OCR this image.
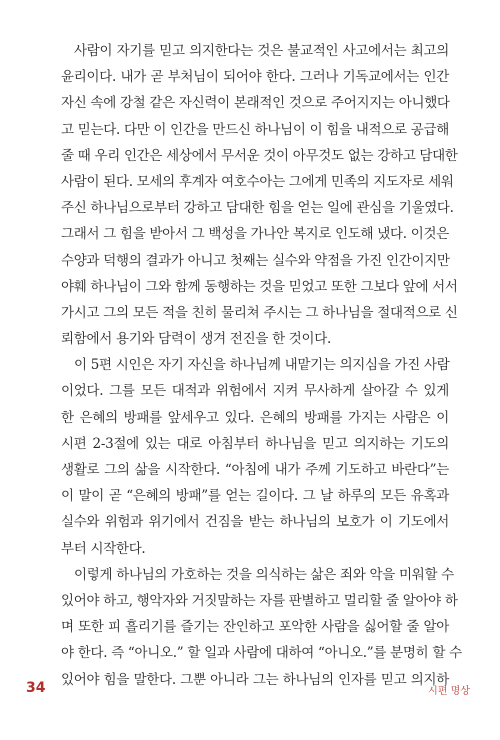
사람이 자기를 믿고 의지한다는 것은 불교적인 사고에서는 최고의
윤리이다. 내가 곧 부처님이 되어야 한다. 그러나 기독교에서는 인간
자신 속에 강철 같은 자신력이 본래적인 것으로 주어지지는 아니했다
고 믿는다. 다만 이 인간을 만드신 하나님이 이 힘을 내적으로 공급해
줄 때 우리 인간은 세상에서 무서운 것이 아무것도 없는 강하고 담대한
사람이 된다. 모세의 후계자 여호수아는 그에게 민족의 지도자로 세워
주신 하나님으로부터 강하고 담대한 힘을 얻는 일에 관심을 기울였다.
그래서 그 힘을 받아서 그 백성을 가나안 복지로 인도해 냈다. 이것은
수양과 덕행의 결과가 아니고 첫째는 실수와 약점을 가진 인간이지만
야훼 하나님이 그와 함께 동행하는 것을 믿었고 또한 그보다 앞에 서서
가시고 그의 모든 적을 친히 물리쳐 주시는 그 하나님을 절대적으로 신
뢰함에서 용기와 담력이 생겨 전진을 한 것이다.
이 5편 시인은 자기 자신을 하나님께 내맡기는 의지심을 가진 사람
이었다. 그를 모든 대적과 위험에서 지켜 무사하게 살아갈 수 있게
한 은혜의 방패를 앞세우고 있다. 은혜의 방패를 가지는 사람은 이
시편 2-3절에 있는 대로 아침부터 하나님을 믿고 의지하는 기도의
생활로 그의 삶을 시작한다. “아침에 내가 주께 기도하고 바란다”는
이 말이 곧 “은혜의 방패”를 얻는 길이다. 그 날 하루의 모든 유혹과
실수와 위험과 위기에서 건짐을 받는 하나님의 보호가 이 기도에서
부터 시작한다.
이렇게 하나님의 가호하는 것을 의식하는 삶은 죄와 악을 미워할 수
있어야 하고, 행악자와 거짓말하는 자를 판별하고 멀리할 줄 알아야 하
며 또한 피 흘리기를 즐기는 잔인하고 포악한 사람을 싫어할 줄 알아
야 한다. 즉 “아니오.” 할 일과 사람에 대하여 “아니오.”를 분명히 할 수
있어야 힘을 말한다. 그뿐 아니라 그는 하나님의 인자를 믿고 의지하
34	시편 명상
